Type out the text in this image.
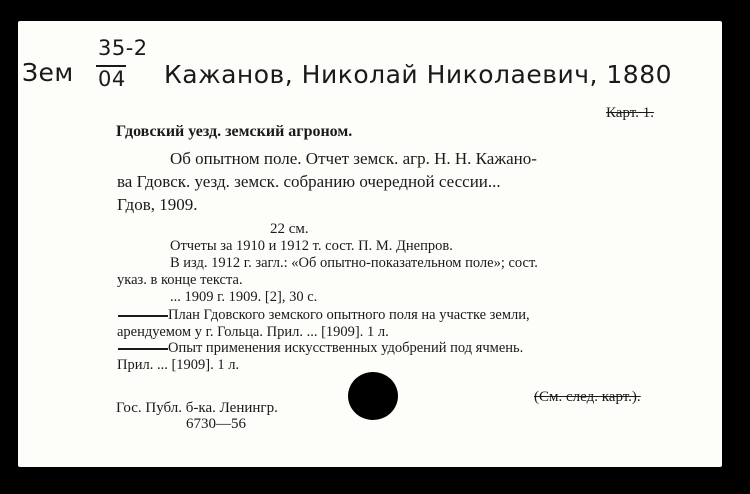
Зем
35-2
04 Кажанов, Николай Николаевич, 1880
Карт. 1.
Гдовский уезд. земский агроном.
Об опытном поле. Отчет земск. агр. Н. Н. Кажано-
ва Гдовск. уезд. земск. собранию очередной сессии...
Гдов, 1909.
22 см.
Отчеты за 1910 и 1912 т. сост. П. М. Днепров.
В изд. 1912 г. загл.: «Об опытно-показательном поле»; сост.
указ. в конце текста.
... 1909 г. 1909. [2], 30 с.
План Гдовского земского опытного поля на участке земли,
арендуемом у г. Гольца. Прил. ... [1909]. 1 л.
Опыт применения искусственных удобрений под ячмень.
Прил. ... [1909]. 1 л.
Гос. Публ. б-ка. Ленингр.
6730—56
(См. след. карт.).
